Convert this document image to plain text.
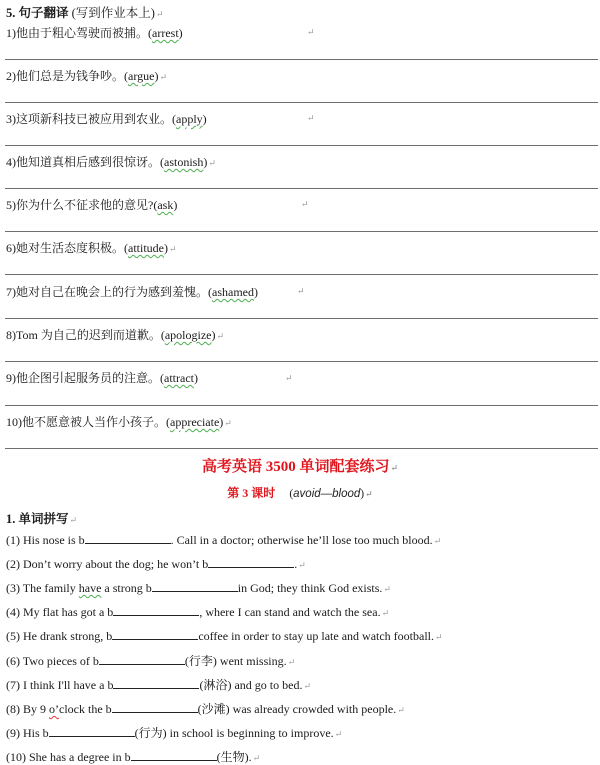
5. 句子翻译 (写到作业本上)↵
1)他由于粗心驾驶而被捕。(arrest)	↵
2)他们总是为钱争吵。(argue)↵
3)这项新科技已被应用到农业。(apply)	↵
4)他知道真相后感到很惊讶。(astonish)↵
5)你为什么不征求他的意见?(ask)	↵
6)她对生活态度积极。(attitude)↵
7)她对自己在晚会上的行为感到羞愧。(ashamed)	↵
8)Tom 为自己的迟到而道歉。(apologize)↵
9)他企图引起服务员的注意。(attract)	↵
10)他不愿意被人当作小孩子。(appreciate)↵
高考英语 3500 单词配套练习↵
第 3 课时 (avoid—blood)↵
1. 单词拼写↵
(1) His nose is b	. Call in a doctor; otherwise he’ll lose too much blood.↵
(2) Don’t worry about the dog; he won’t b	.↵
(3) The family have a strong b	in God; they think God exists.↵
(4) My flat has got a b	, where I can stand and watch the sea.↵
(5) He drank strong, b	coffee in order to stay up late and watch football.↵
(6) Two pieces of b	(行李) went missing.↵
(7) I think I'll have a b	(淋浴) and go to bed.↵
(8) By 9 o’clock the b	(沙滩) was already crowded with people.↵
(9) His b	(行为) in school is beginning to improve.↵
(10) She has a degree in b	(生物).↵
